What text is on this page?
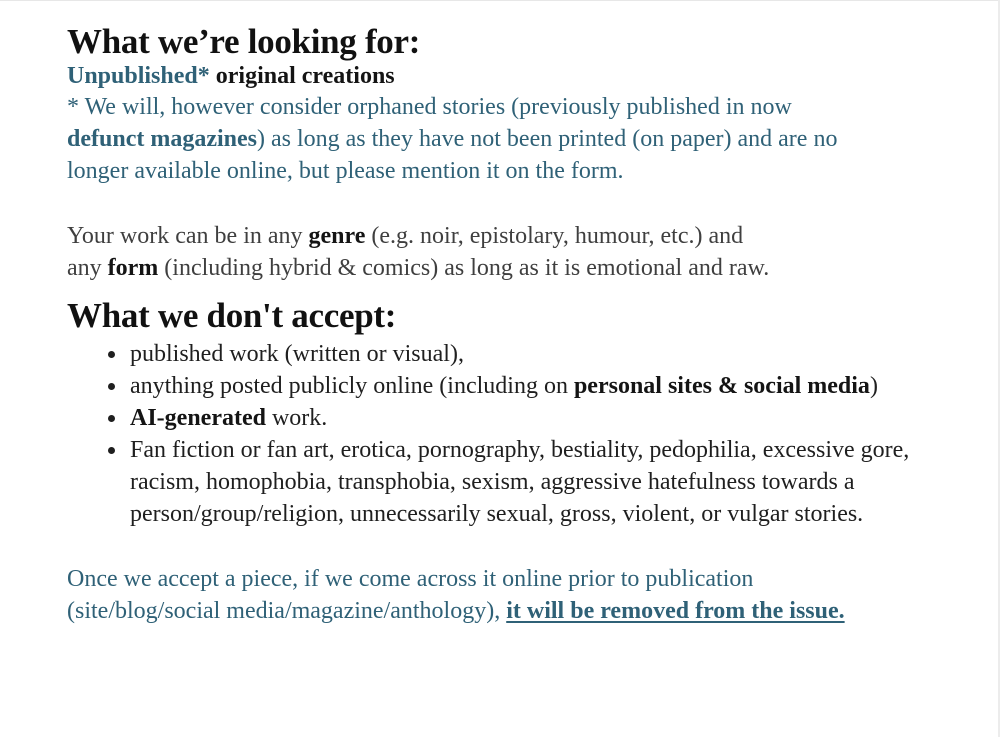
What we’re looking for:

Unpublished* original creations

* We will, however consider orphaned stories (previously published in now
defunct magazines) as long as they have not been printed (on paper) and are no
longer available online, but please mention it on the form.

Your work can be in any genre (e.g. noir, epistolary, humour, etc.) and
any form (including hybrid & comics) as long as it is emotional and raw.

What we don't accept:
• published work (written or visual),
• anything posted publicly online (including on personal sites & social media)
• AI-generated work.
• Fan fiction or fan art, erotica, pornography, bestiality, pedophilia, excessive gore, racism, homophobia, transphobia, sexism, aggressive hatefulness towards a person/group/religion, unnecessarily sexual, gross, violent, or vulgar stories.

Once we accept a piece, if we come across it online prior to publication
(site/blog/social media/magazine/anthology), it will be removed from the issue.
